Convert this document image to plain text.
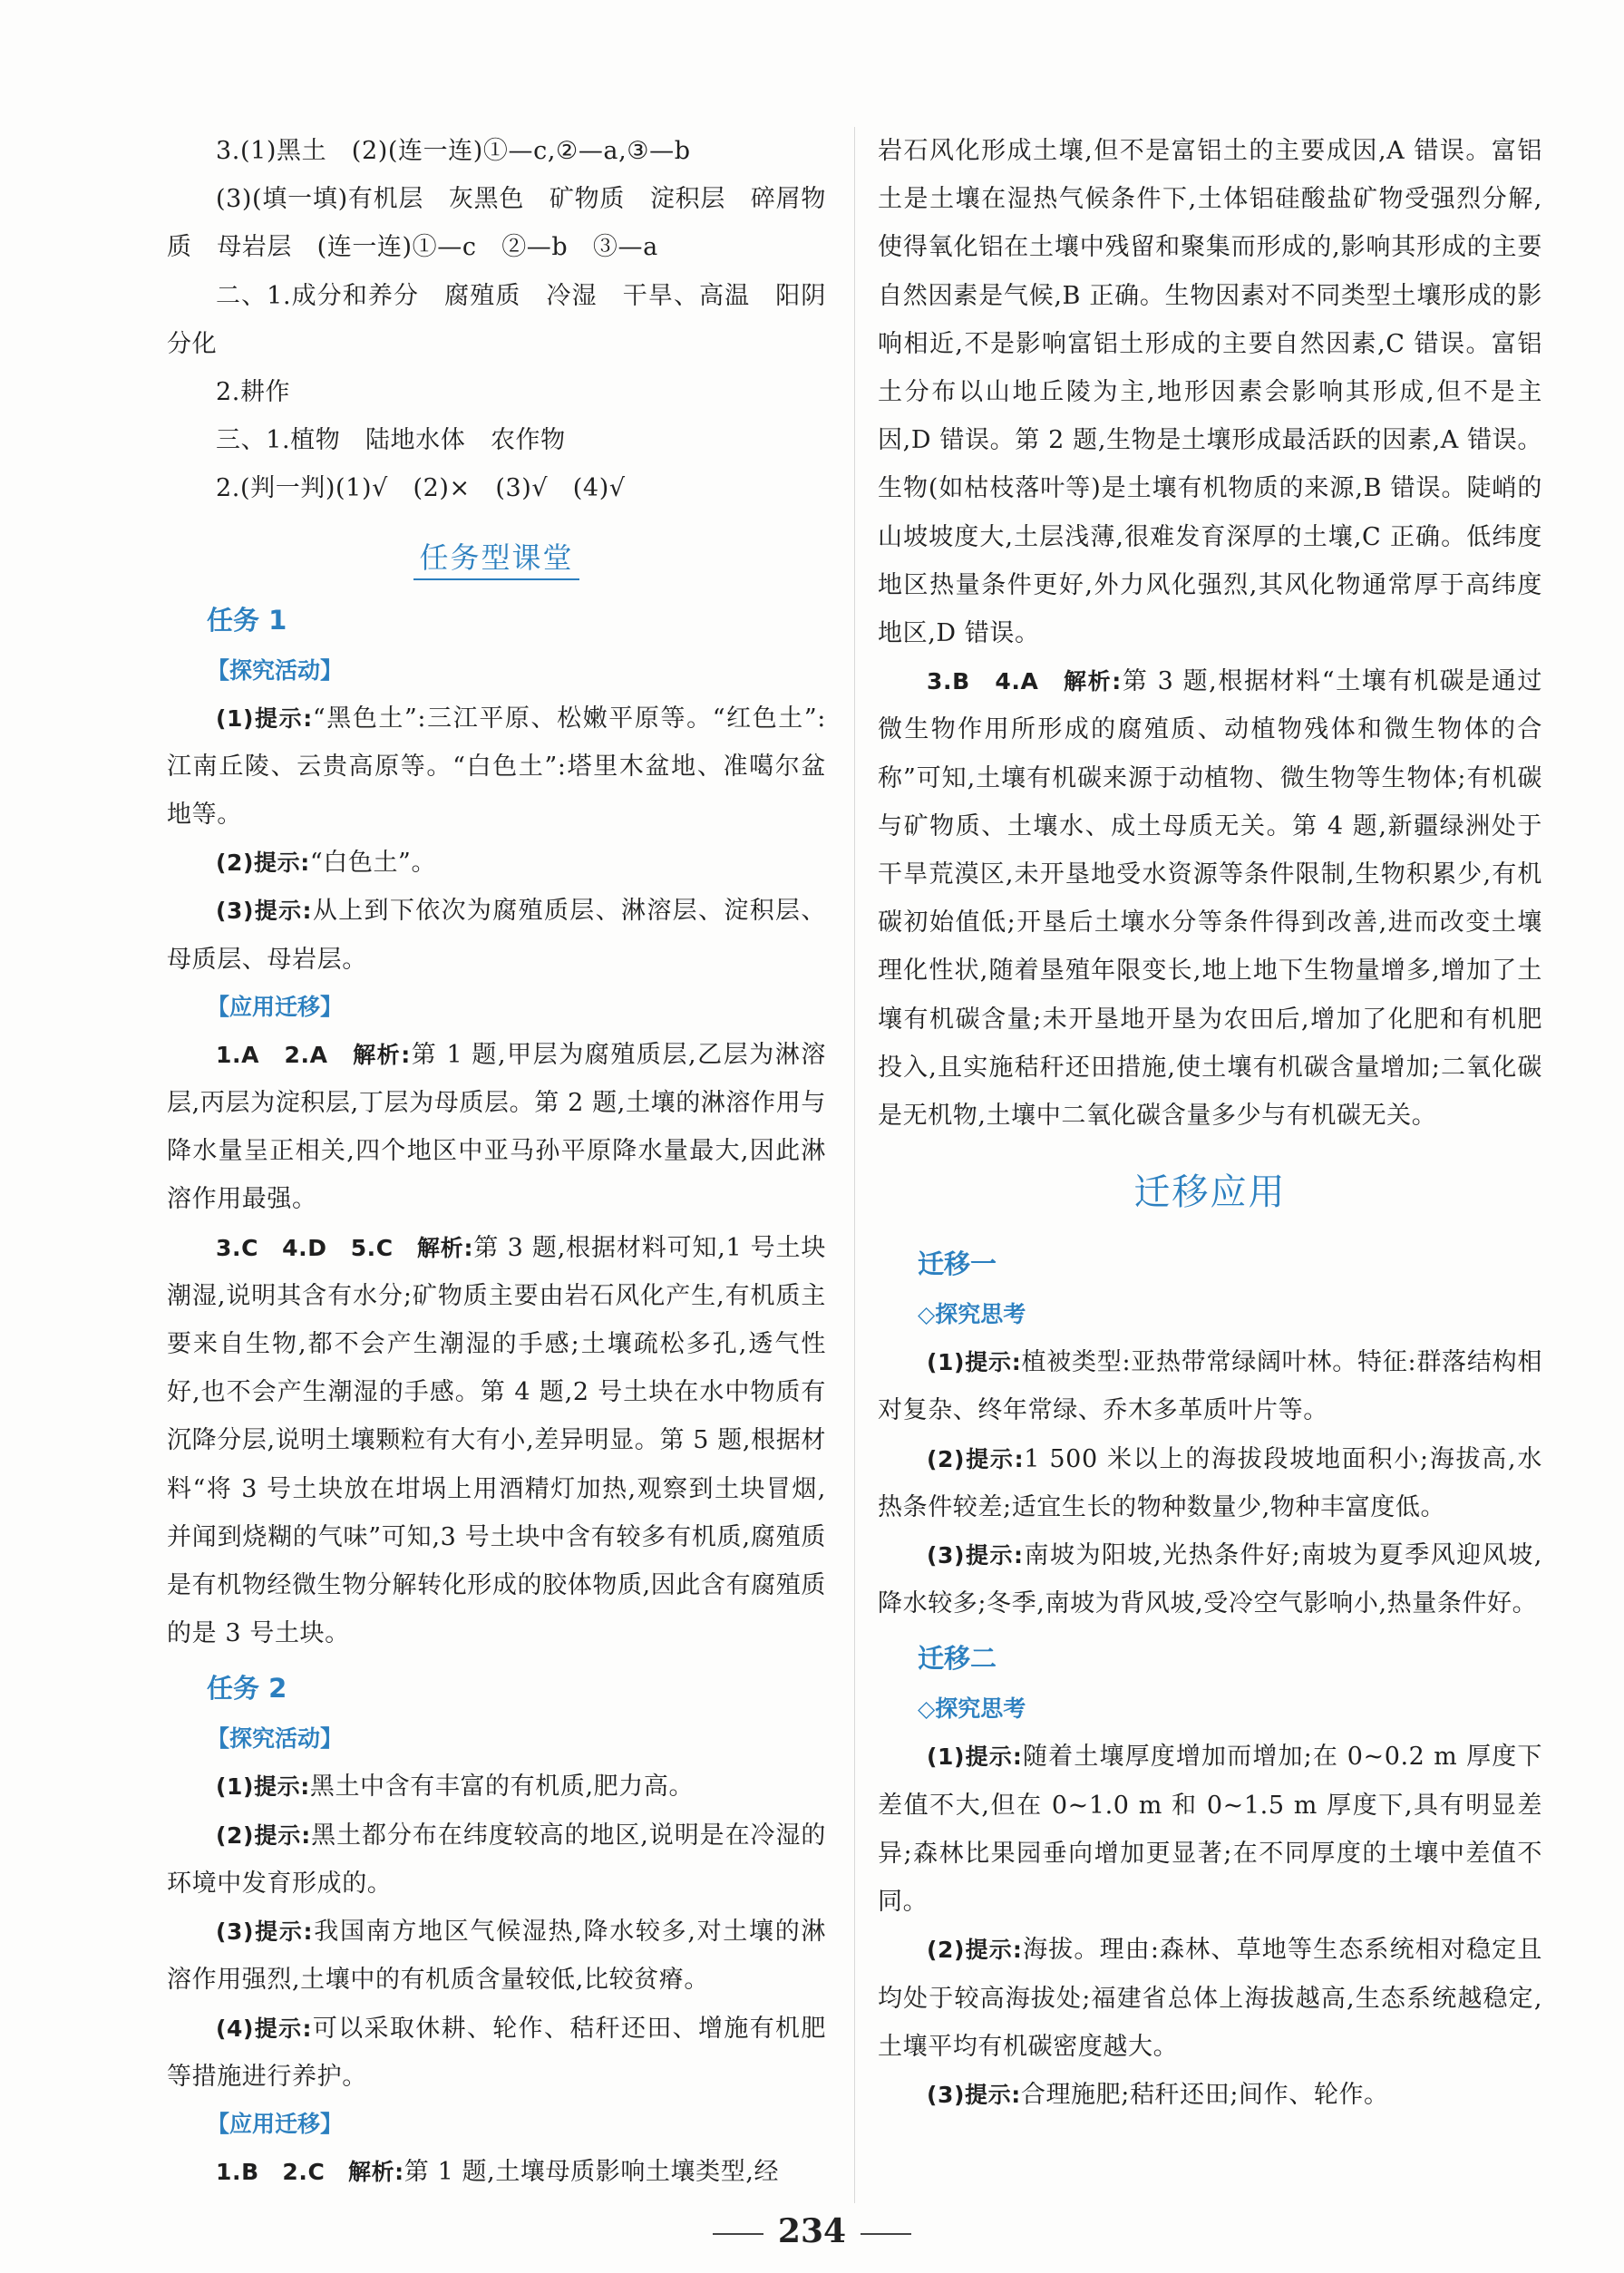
3.(1)黑土　(2)(连一连)①—c,②—a,③—b

(3)(填一填)有机层　灰黑色　矿物质　淀积层　碎屑物质　母岩层　(连一连)①—c　②—b　③—a

二、1.成分和养分　腐殖质　冷湿　干旱、高温　阳阴　分化

2.耕作

三、1.植物　陆地水体　农作物

2.(判一判)(1)√　(2)×　(3)√　(4)√

任务型课堂
任务 1
【探究活动】

(1)提示:“黑色土”:三江平原、松嫩平原等。“红色土”:江南丘陵、云贵高原等。“白色土”:塔里木盆地、准噶尔盆地等。

(2)提示:“白色土”。

(3)提示:从上到下依次为腐殖质层、淋溶层、淀积层、母质层、母岩层。

【应用迁移】

1.A　2.A　解析:第 1 题,甲层为腐殖质层,乙层为淋溶层,丙层为淀积层,丁层为母质层。第 2 题,土壤的淋溶作用与降水量呈正相关,四个地区中亚马孙平原降水量最大,因此淋溶作用最强。

3.C　4.D　5.C　解析:第 3 题,根据材料可知,1 号土块潮湿,说明其含有水分;矿物质主要由岩石风化产生,有机质主要来自生物,都不会产生潮湿的手感;土壤疏松多孔,透气性好,也不会产生潮湿的手感。第 4 题,2 号土块在水中物质有沉降分层,说明土壤颗粒有大有小,差异明显。第 5 题,根据材料“将 3 号土块放在坩埚上用酒精灯加热,观察到土块冒烟,并闻到烧糊的气味”可知,3 号土块中含有较多有机质,腐殖质是有机物经微生物分解转化形成的胶体物质,因此含有腐殖质的是 3 号土块。

任务 2
【探究活动】

(1)提示:黑土中含有丰富的有机质,肥力高。

(2)提示:黑土都分布在纬度较高的地区,说明是在冷湿的环境中发育形成的。

(3)提示:我国南方地区气候湿热,降水较多,对土壤的淋溶作用强烈,土壤中的有机质含量较低,比较贫瘠。

(4)提示:可以采取休耕、轮作、秸秆还田、增施有机肥等措施进行养护。

【应用迁移】

1.B　2.C　解析:第 1 题,土壤母质影响土壤类型,经

岩石风化形成土壤,但不是富铝土的主要成因,A 错误。富铝土是土壤在湿热气候条件下,土体铝硅酸盐矿物受强烈分解,使得氧化铝在土壤中残留和聚集而形成的,影响其形成的主要自然因素是气候,B 正确。生物因素对不同类型土壤形成的影响相近,不是影响富铝土形成的主要自然因素,C 错误。富铝土分布以山地丘陵为主,地形因素会影响其形成,但不是主因,D 错误。第 2 题,生物是土壤形成最活跃的因素,A 错误。生物(如枯枝落叶等)是土壤有机物质的来源,B 错误。陡峭的山坡坡度大,土层浅薄,很难发育深厚的土壤,C 正确。低纬度地区热量条件更好,外力风化强烈,其风化物通常厚于高纬度地区,D 错误。

3.B　4.A　解析:第 3 题,根据材料“土壤有机碳是通过微生物作用所形成的腐殖质、动植物残体和微生物体的合称”可知,土壤有机碳来源于动植物、微生物等生物体;有机碳与矿物质、土壤水、成土母质无关。第 4 题,新疆绿洲处于干旱荒漠区,未开垦地受水资源等条件限制,生物积累少,有机碳初始值低;开垦后土壤水分等条件得到改善,进而改变土壤理化性状,随着垦殖年限变长,地上地下生物量增多,增加了土壤有机碳含量;未开垦地开垦为农田后,增加了化肥和有机肥投入,且实施秸秆还田措施,使土壤有机碳含量增加;二氧化碳是无机物,土壤中二氧化碳含量多少与有机碳无关。

迁移应用
迁移一
◇探究思考

(1)提示:植被类型:亚热带常绿阔叶林。特征:群落结构相对复杂、终年常绿、乔木多革质叶片等。

(2)提示:1 500 米以上的海拔段坡地面积小;海拔高,水热条件较差;适宜生长的物种数量少,物种丰富度低。

(3)提示:南坡为阳坡,光热条件好;南坡为夏季风迎风坡,降水较多;冬季,南坡为背风坡,受冷空气影响小,热量条件好。

迁移二
◇探究思考

(1)提示:随着土壤厚度增加而增加;在 0~0.2 m 厚度下差值不大,但在 0~1.0 m 和 0~1.5 m 厚度下,具有明显差异;森林比果园垂向增加更显著;在不同厚度的土壤中差值不同。

(2)提示:海拔。理由:森林、草地等生态系统相对稳定且均处于较高海拔处;福建省总体上海拔越高,生态系统越稳定,土壤平均有机碳密度越大。

(3)提示:合理施肥;秸秆还田;间作、轮作。

234
